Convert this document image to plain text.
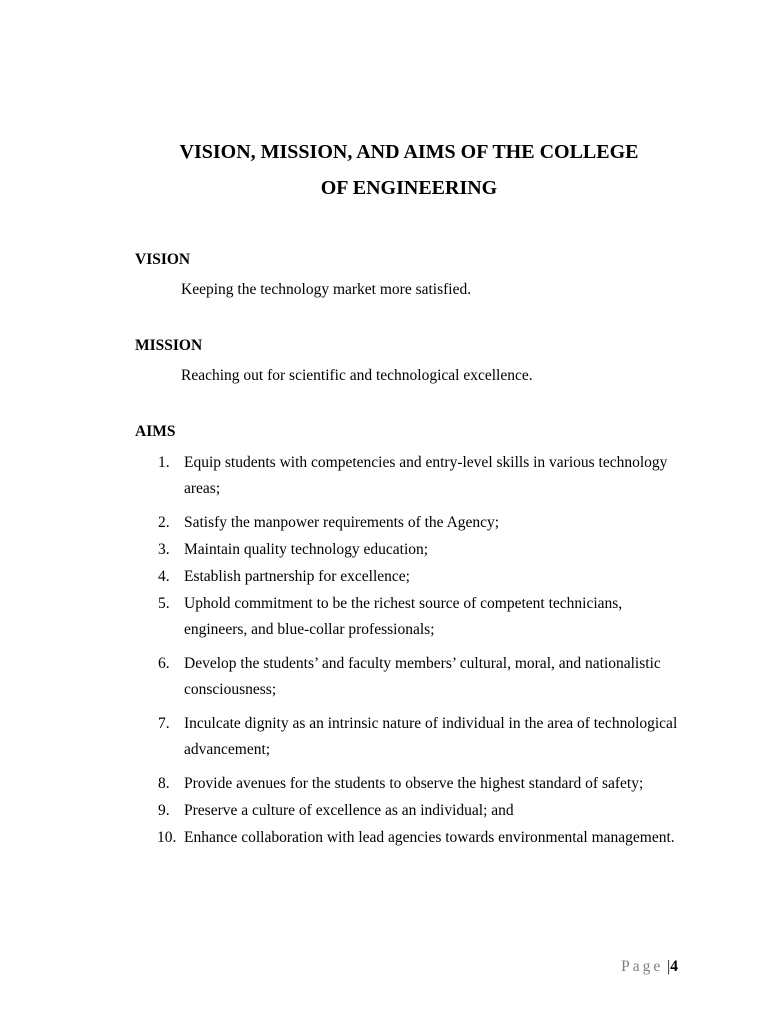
VISION, MISSION, AND AIMS OF THE COLLEGE
OF ENGINEERING
VISION
Keeping the technology market more satisfied.
MISSION
Reaching out for scientific and technological excellence.
AIMS
1. Equip students with competencies and entry-level skills in various technology areas;
2. Satisfy the manpower requirements of the Agency;
3. Maintain quality technology education;
4. Establish partnership for excellence;
5. Uphold commitment to be the richest source of competent technicians, engineers, and blue-collar professionals;
6. Develop the students’ and faculty members’ cultural, moral, and nationalistic consciousness;
7. Inculcate dignity as an intrinsic nature of individual in the area of technological advancement;
8. Provide avenues for the students to observe the highest standard of safety;
9. Preserve a culture of excellence as an individual; and
10. Enhance collaboration with lead agencies towards environmental management.
Page |4
